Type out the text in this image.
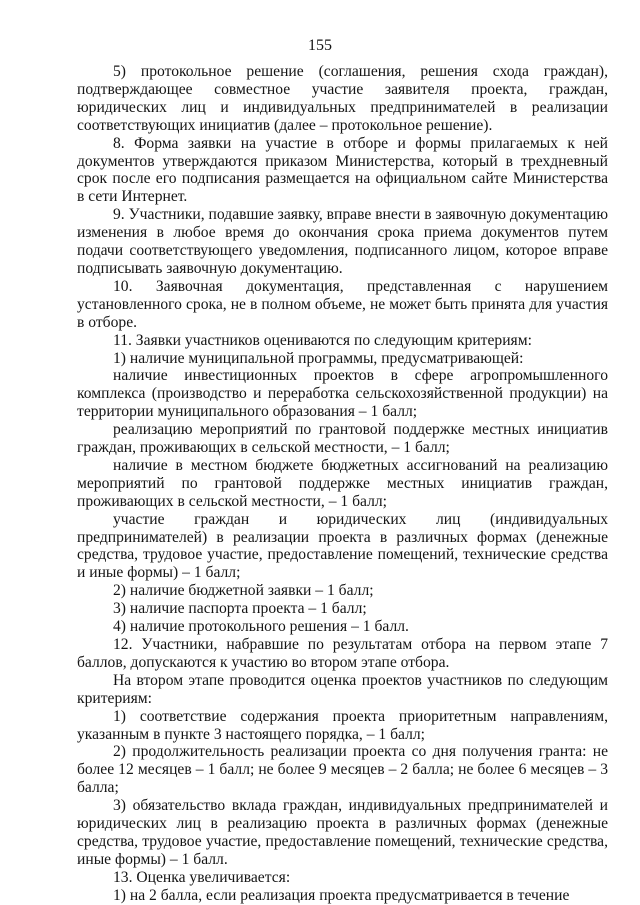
155

5) протокольное решение (соглашения, решения схода граждан), подтверждающее совместное участие заявителя проекта, граждан, юридических лиц и индивидуальных предпринимателей в реализации соответствующих инициатив (далее – протокольное решение).

8. Форма заявки на участие в отборе и формы прилагаемых к ней документов утверждаются приказом Министерства, который в трехдневный срок после его подписания размещается на официальном сайте Министерства в сети Интернет.

9. Участники, подавшие заявку, вправе внести в заявочную документацию изменения в любое время до окончания срока приема документов путем подачи соответствующего уведомления, подписанного лицом, которое вправе подписывать заявочную документацию.

10. Заявочная документация, представленная с нарушением установленного срока, не в полном объеме, не может быть принята для участия в отборе.

11. Заявки участников оцениваются по следующим критериям:

1) наличие муниципальной программы, предусматривающей:

наличие инвестиционных проектов в сфере агропромышленного комплекса (производство и переработка сельскохозяйственной продукции) на территории муниципального образования – 1 балл;

реализацию мероприятий по грантовой поддержке местных инициатив граждан, проживающих в сельской местности, – 1 балл;

наличие в местном бюджете бюджетных ассигнований на реализацию мероприятий по грантовой поддержке местных инициатив граждан, проживающих в сельской местности, – 1 балл;

участие граждан и юридических лиц (индивидуальных предпринимателей) в реализации проекта в различных формах (денежные средства, трудовое участие, предоставление помещений, технические средства и иные формы) – 1 балл;

2) наличие бюджетной заявки – 1 балл;

3) наличие паспорта проекта – 1 балл;

4) наличие протокольного решения – 1 балл.

12. Участники, набравшие по результатам отбора на первом этапе 7 баллов, допускаются к участию во втором этапе отбора.

На втором этапе проводится оценка проектов участников по следующим критериям:

1) соответствие содержания проекта приоритетным направлениям, указанным в пункте 3 настоящего порядка, – 1 балл;

2) продолжительность реализации проекта со дня получения гранта: не более 12 месяцев – 1 балл; не более 9 месяцев – 2 балла; не более 6 месяцев – 3 балла;

3) обязательство вклада граждан, индивидуальных предпринимателей и юридических лиц в реализацию проекта в различных формах (денежные средства, трудовое участие, предоставление помещений, технические средства, иные формы) – 1 балл.

13. Оценка увеличивается:

1) на 2 балла, если реализация проекта предусматривается в течение
